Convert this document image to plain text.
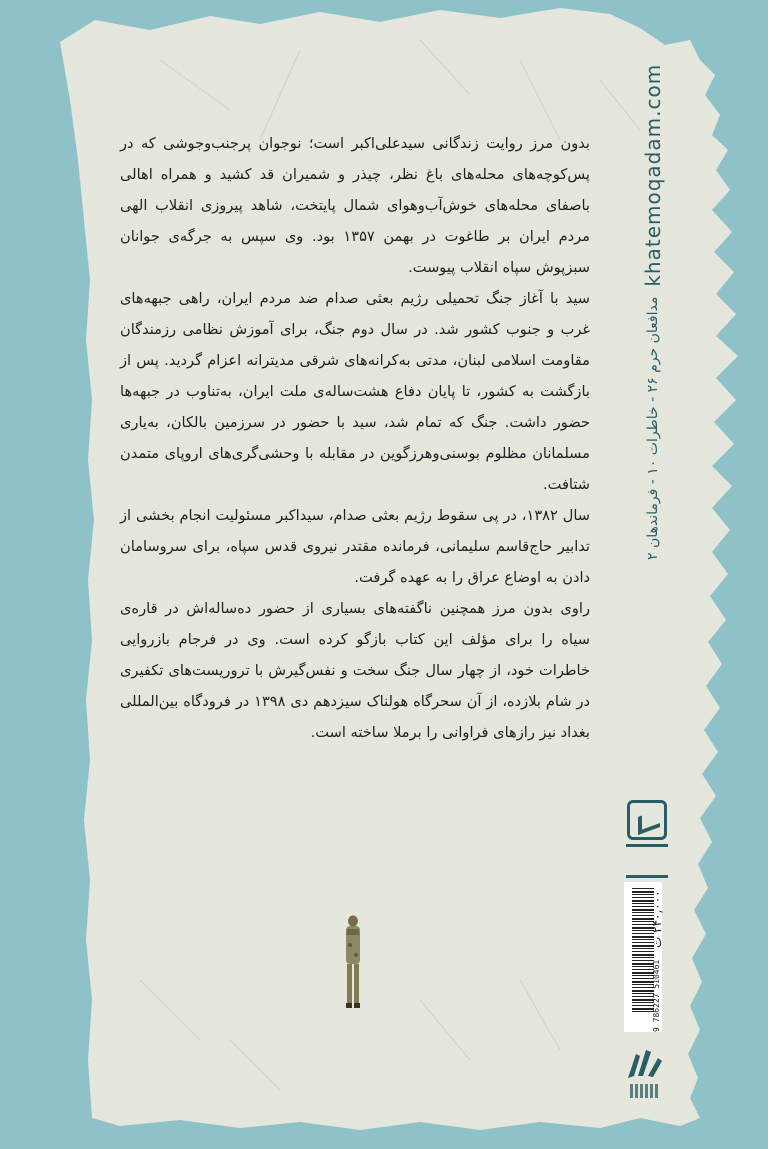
بدون مرز روایت زندگانی سیدعلی‌اکبر است؛ نوجوان پرجنب‌وجوشی که در پس‌کوچه‌های محله‌های باغ‌ نظر، چیذر و شمیران قد کشید و همراه اهالی باصفای محله‌های خوش‌آب‌وهوای شمال پایتخت، شاهد پیروزی انقلاب الهی مردم ایران بر طاغوت در بهمن ۱۳۵۷ بود. وی سپس به جرگه‌ی جوانان سبزپوش سپاه انقلاب پیوست.

سید با آغاز جنگ تحمیلی رژیم بعثی صدام ضد مردم ایران، راهی جبهه‌های غرب و جنوب کشور شد. در سال دوم جنگ، برای آموزش نظامی رزمندگان مقاومت اسلامی لبنان، مدتی به‌کرانه‌های شرقی مدیترانه اعزام گردید. پس از بازگشت به‌ کشور، تا پایان دفاع هشت‌ساله‌ی ملت ایران، به‌تناوب در جبهه‌ها حضور داشت. جنگ که تمام شد، سید با حضور در سرزمین بالکان، به‌یاری مسلمانان مظلوم بوسنی‌وهرزگوین در مقابله با وحشی‌گری‌های اروپای متمدن شتافت.

سال ۱۳۸۲، در پی سقوط رژیم بعثی صدام، سیداکبر مسئولیت انجام بخشی از تدابیر حاج‌قاسم سلیمانی، فرمانده مقتدر نیروی قدس سپاه، برای سروسامان دادن به اوضاع عراق را به‌ عهده گرفت.

راوی بدون مرز همچنین ناگفته‌های بسیاری از حضور ده‌ساله‌اش در قاره‌ی سیاه را برای مؤلف این کتاب بازگو کرده است. وی در فرجام بازروایی خاطرات خود، از چهار سال جنگ سخت و نفس‌گیرش با تروریست‌های تکفیری در شام بلازده، از آن سحرگاه هولناک سیزدهم دی ۱۳۹۸ در فرودگاه بین‌المللی بغداد نیز رازهای فراوانی را برملا ساخته است.

مدافعان حرم ۲۶ - خاطرات ۱۰ - فرماندهان ۲
khatemoqadam.com
9 786227 510461
۲۴۰,۰۰۰ ت
